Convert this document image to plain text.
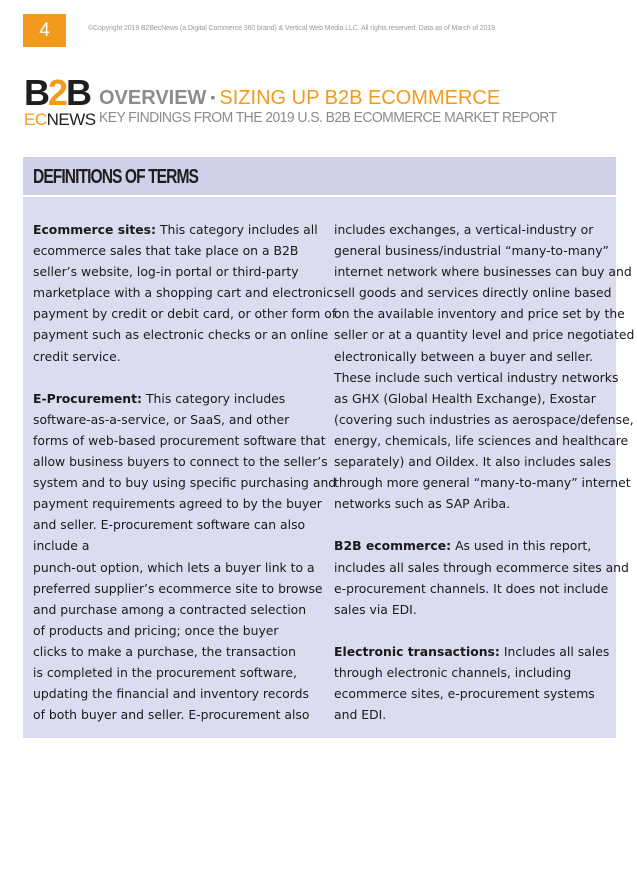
4	©Copyright 2019 B2BecNews (a Digital Commerce 360 brand) & Vertical Web Media LLC. All rights reserved. Data as of March of 2019.
B2B
ECNEWS
OVERVIEW ▪ SIZING UP B2B ECOMMERCE
KEY FINDINGS FROM THE 2019 U.S. B2B ECOMMERCE MARKET REPORT
DEFINITIONS OF TERMS
Ecommerce sites: This category includes all
ecommerce sales that take place on a B2B
seller’s website, log-in portal or third-party
marketplace with a shopping cart and electronic
payment by credit or debit card, or other form of
payment such as electronic checks or an online
credit service.
E-Procurement: This category includes
software-as-a-service, or SaaS, and other
forms of web-based procurement software that
allow business buyers to connect to the seller’s
system and to buy using specific purchasing and
payment requirements agreed to by the buyer
and seller. E-procurement software can also
include a
punch-out option, which lets a buyer link to a
preferred supplier’s ecommerce site to browse
and purchase among a contracted selection
of products and pricing; once the buyer
clicks to make a purchase, the transaction
is completed in the procurement software,
updating the financial and inventory records
of both buyer and seller. E-procurement also
includes exchanges, a vertical-industry or
general business/industrial “many-to-many”
internet network where businesses can buy and
sell goods and services directly online based
on the available inventory and price set by the
seller or at a quantity level and price negotiated
electronically between a buyer and seller.
These include such vertical industry networks
as GHX (Global Health Exchange), Exostar
(covering such industries as aerospace/defense,
energy, chemicals, life sciences and healthcare
separately) and Oildex. It also includes sales
through more general “many-to-many” internet
networks such as SAP Ariba.
B2B ecommerce: As used in this report,
includes all sales through ecommerce sites and
e-procurement channels. It does not include
sales via EDI.
Electronic transactions: Includes all sales
through electronic channels, including
ecommerce sites, e-procurement systems
and EDI.
